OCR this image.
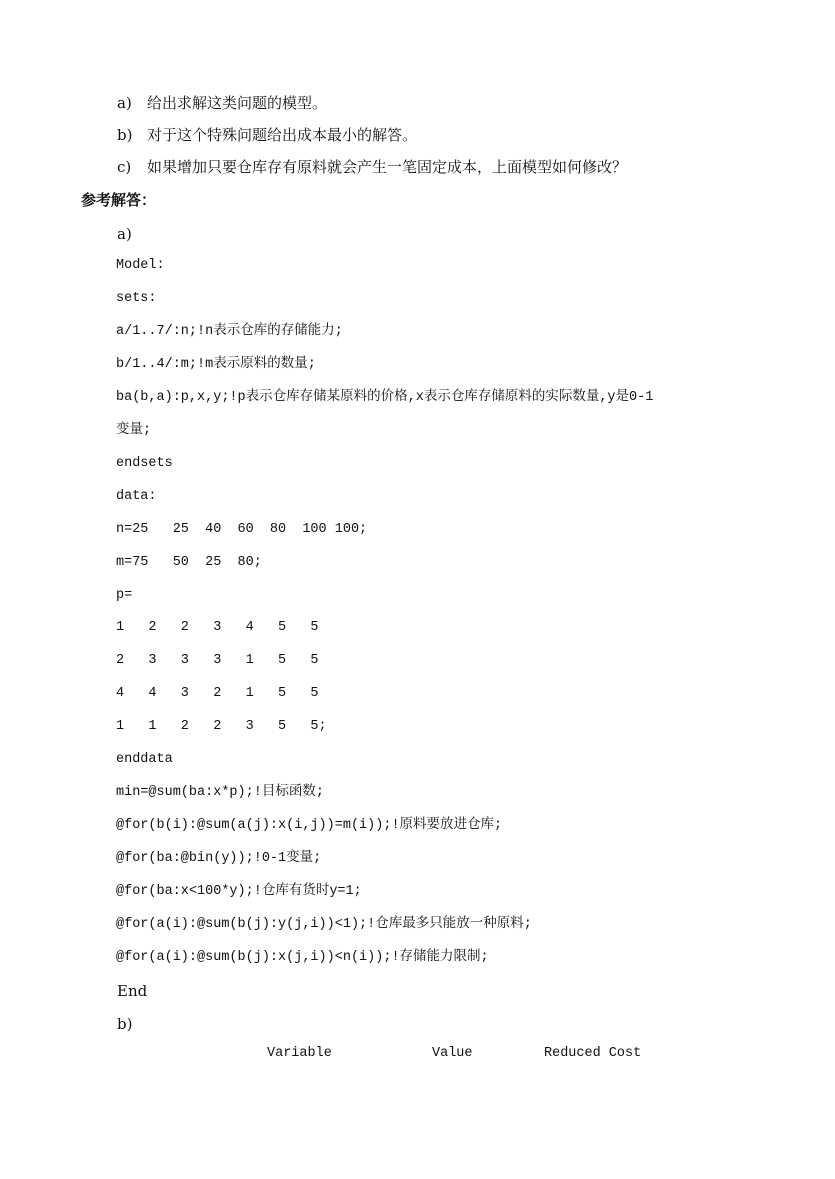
a) 给出求解这类问题的模型。
b) 对于这个特殊问题给出成本最小的解答。
c) 如果增加只要仓库存有原料就会产生一笔固定成本，上面模型如何修改？
参考解答：
a)
Model:
sets:
a/1..7/:n;!n表示仓库的存储能力;
b/1..4/:m;!m表示原料的数量;
ba(b,a):p,x,y;!p表示仓库存储某原料的价格,x表示仓库存储原料的实际数量,y是0-1
变量;
endsets
data:
n=25   25  40  60  80  100 100;
m=75   50  25  80;
p=
1   2   2   3   4   5   5
2   3   3   3   1   5   5
4   4   3   2   1   5   5
1   1   2   2   3   5   5;
enddata
min=@sum(ba:x*p);!目标函数;
@for(b(i):@sum(a(j):x(i,j))=m(i));!原料要放进仓库;
@for(ba:@bin(y));!0-1变量;
@for(ba:x<100*y);!仓库有货时y=1;
@for(a(i):@sum(b(j):y(j,i))<1);!仓库最多只能放一种原料;
@for(a(i):@sum(b(j):x(j,i))<n(i));!存储能力限制;
End
b)
Variable	Value	Reduced Cost
